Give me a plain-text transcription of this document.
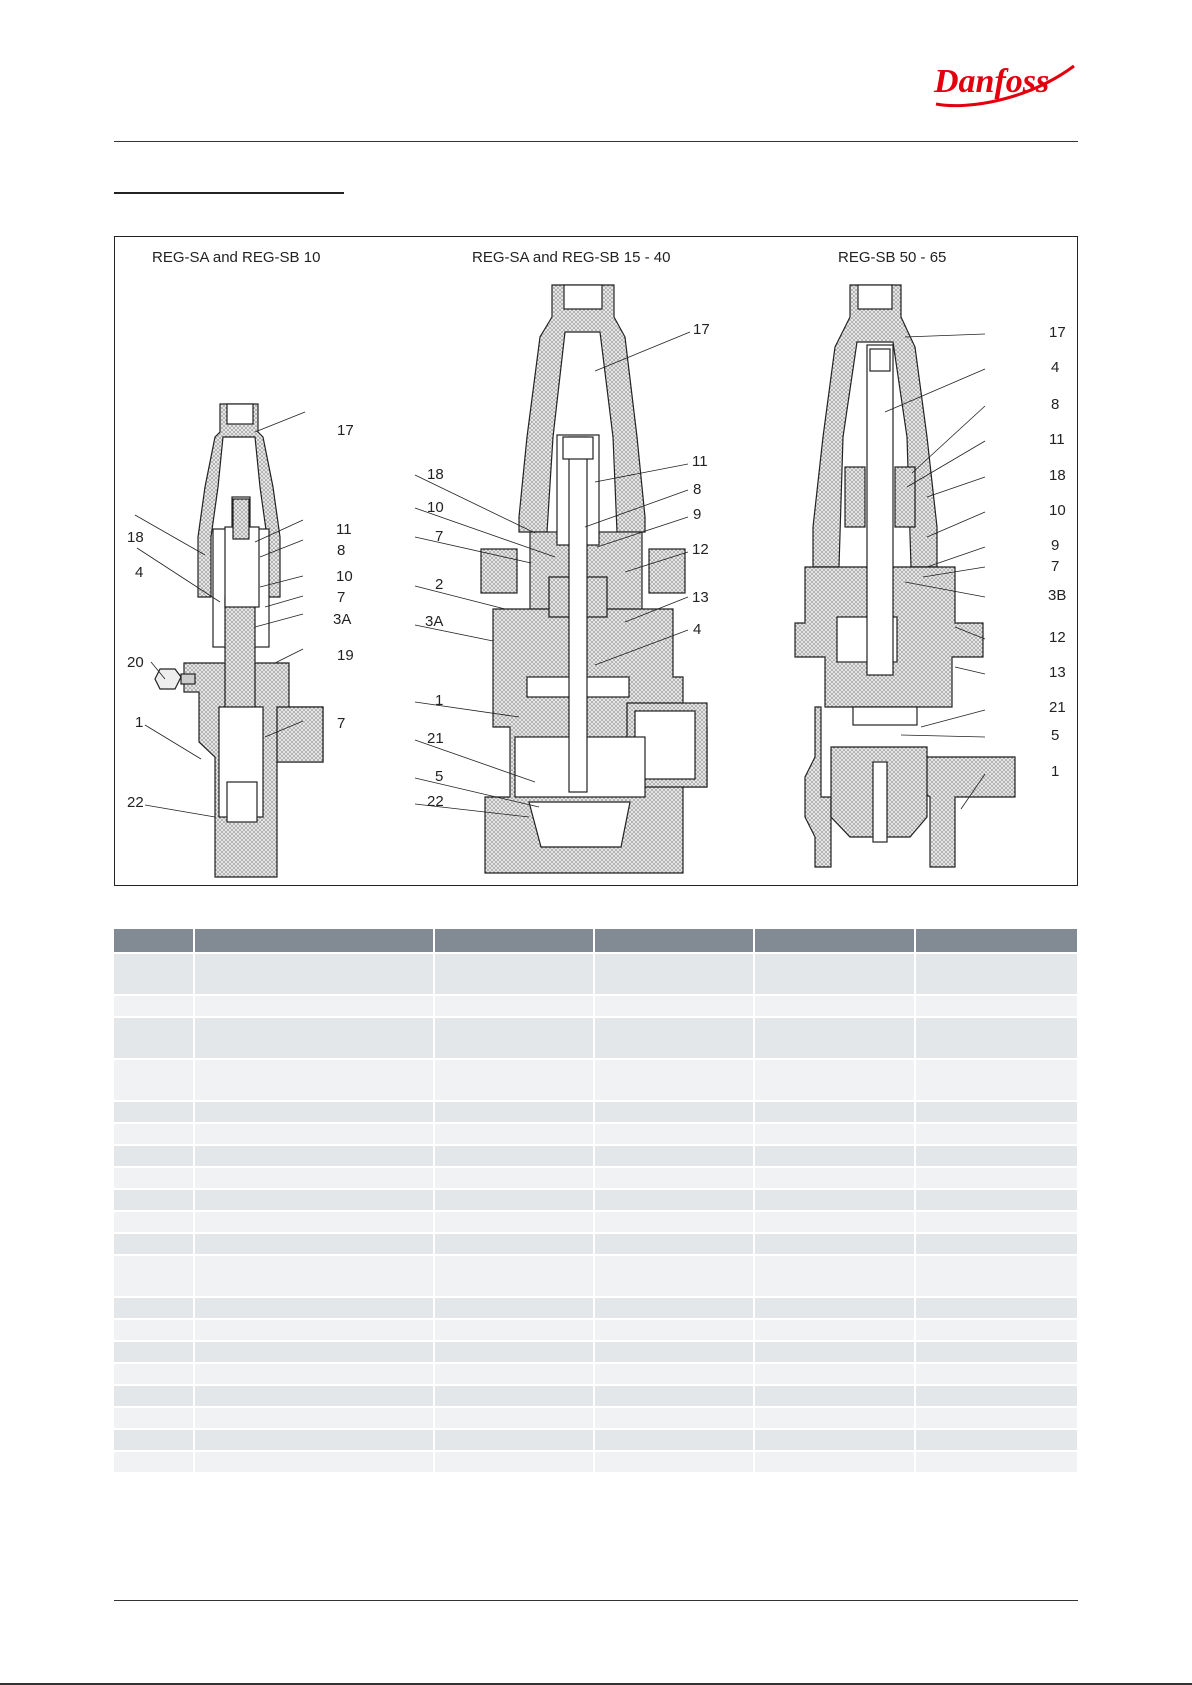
Danfoss
REG-SA and REG-SB 10	REG-SA and REG-SB 15 - 40	REG-SB 50 - 65
17
18	11
8
4	10
7
3A
20	19
1	7
22
17
11
18
8
10	9
7
12
2
13
3A	4
1
21
5
22
17
4
8
11
18
10
9
7
3B
12
13
21
5
1
